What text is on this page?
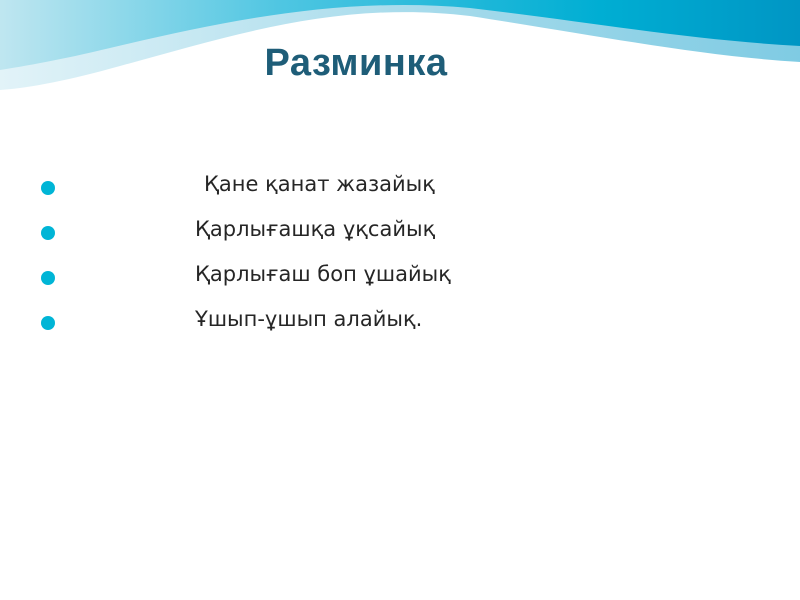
Разминка
Қане қанат жазайық
Қарлығашқа ұқсайық
Қарлығаш боп ұшайық
Ұшып-ұшып алайық.
